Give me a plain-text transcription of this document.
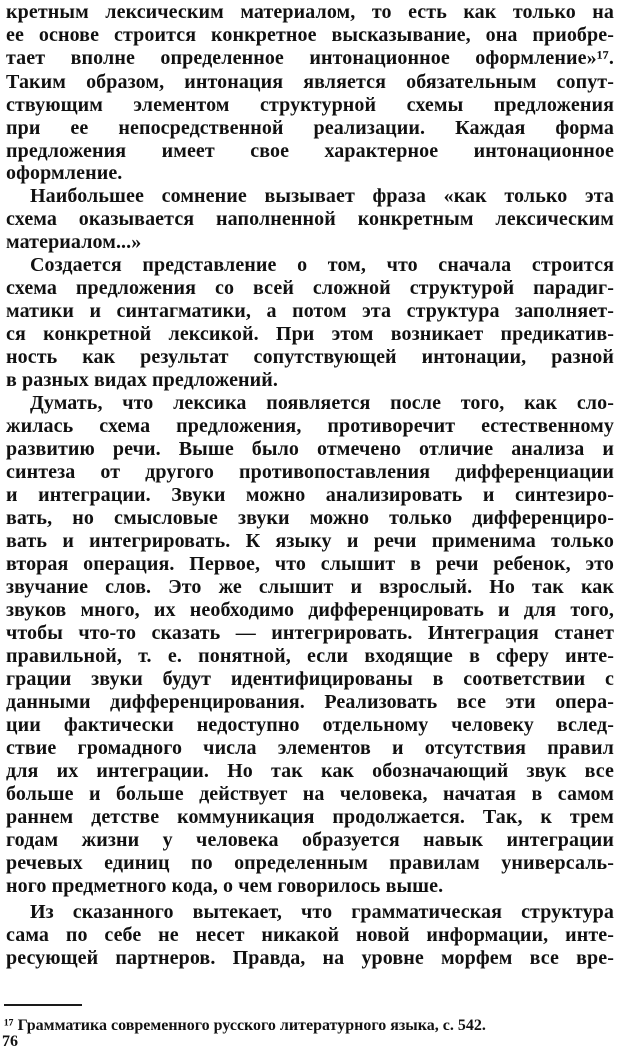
кретным лексическим материалом, то есть как только на
ее основе строится конкретное высказывание, она приобре-
тает вполне определенное интонационное оформление»¹⁷.
Таким образом, интонация является обязательным сопут-
ствующим элементом структурной схемы предложения
при ее непосредственной реализации. Каждая форма
предложения имеет свое характерное интонационное
оформление.
Наибольшее сомнение вызывает фраза «как только эта
схема оказывается наполненной конкретным лексическим
материалом...»
Создается представление о том, что сначала строится
схема предложения со всей сложной структурой парадиг-
матики и синтагматики, а потом эта структура заполняет-
ся конкретной лексикой. При этом возникает предикатив-
ность как результат сопутствующей интонации, разной
в разных видах предложений.
Думать, что лексика появляется после того, как сло-
жилась схема предложения, противоречит естественному
развитию речи. Выше было отмечено отличие анализа и
синтеза от другого противопоставления дифференциации
и интеграции. Звуки можно анализировать и синтезиро-
вать, но смысловые звуки можно только дифференциро-
вать и интегрировать. К языку и речи применима только
вторая операция. Первое, что слышит в речи ребенок, это
звучание слов. Это же слышит и взрослый. Но так как
звуков много, их необходимо дифференцировать и для того,
чтобы что-то сказать — интегрировать. Интеграция станет
правильной, т. е. понятной, если входящие в сферу инте-
грации звуки будут идентифицированы в соответствии с
данными дифференцирования. Реализовать все эти опера-
ции фактически недоступно отдельному человеку вслед-
ствие громадного числа элементов и отсутствия правил
для их интеграции. Но так как обозначающий звук все
больше и больше действует на человека, начатая в самом
раннем детстве коммуникация продолжается. Так, к трем
годам жизни у человека образуется навык интеграции
речевых единиц по определенным правилам универсаль-
ного предметного кода, о чем говорилось выше.
Из сказанного вытекает, что грамматическая структура
сама по себе не несет никакой новой информации, инте-
ресующей партнеров. Правда, на уровне морфем все вре-
¹⁷ Грамматика современного русского литературного языка, с. 542.
76
